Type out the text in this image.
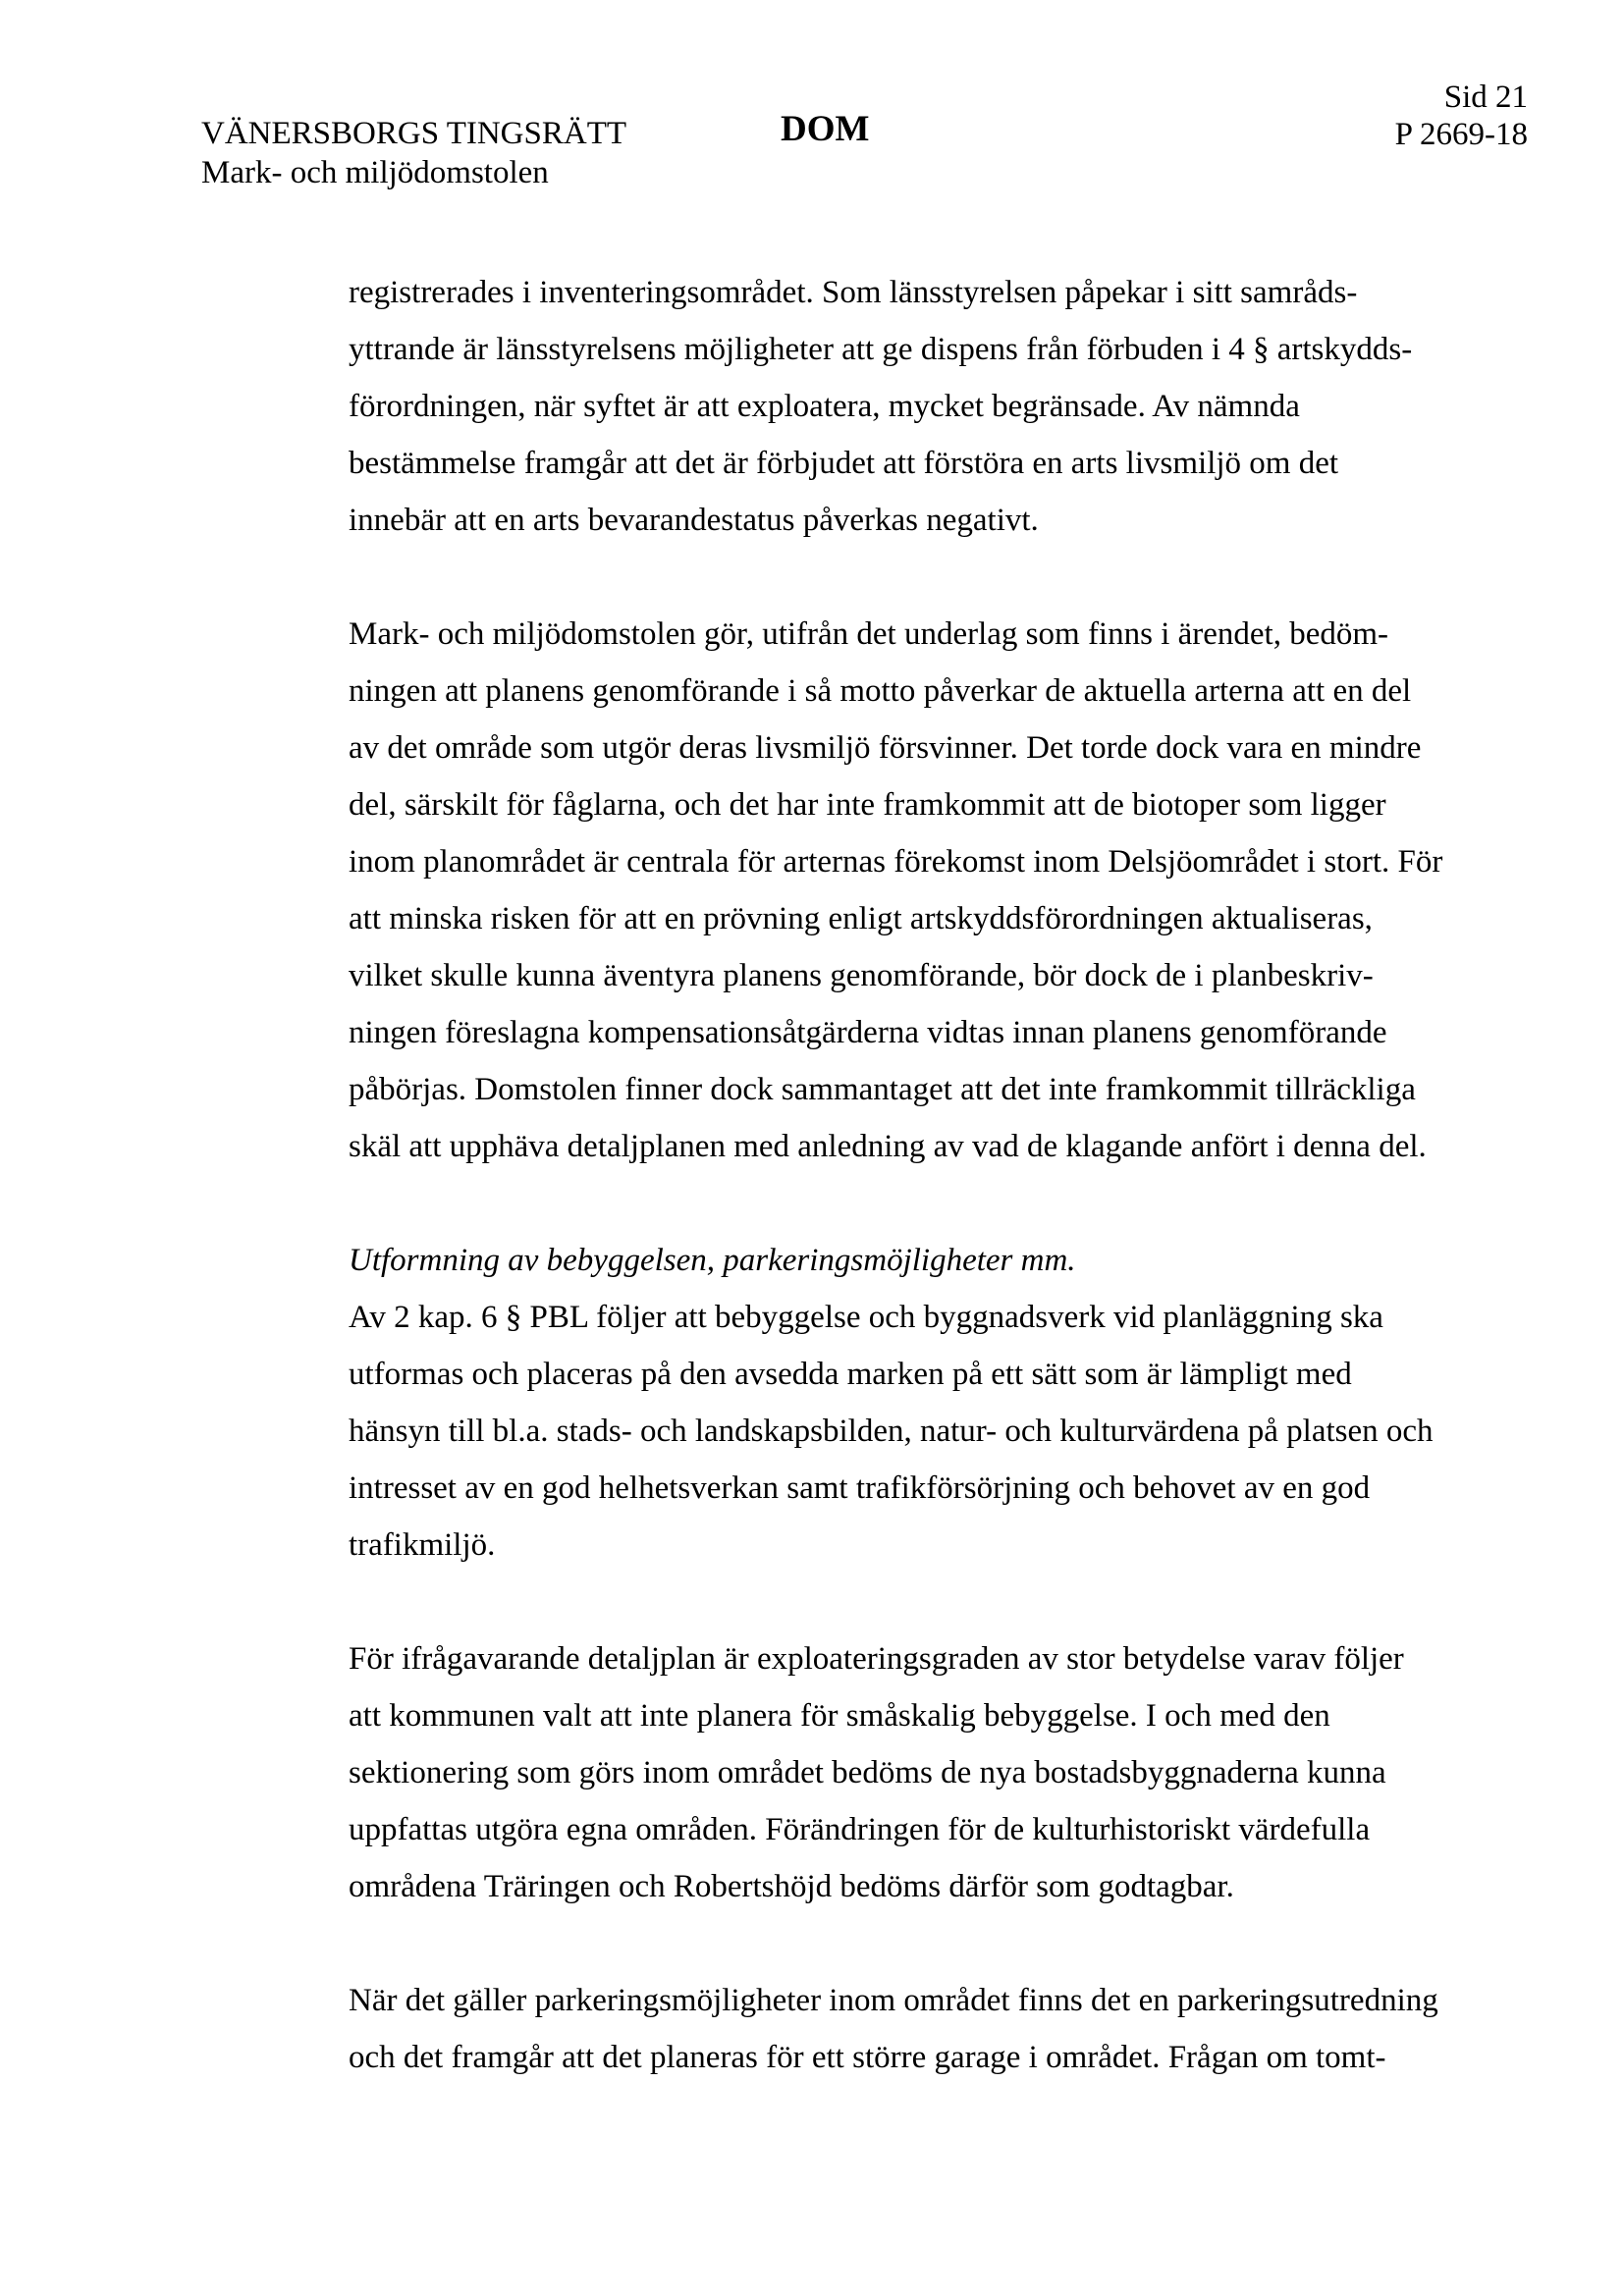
VÄNERSBORGS TINGSRÄTT
Mark- och miljödomstolen
DOM
Sid 21
P 2669-18
registrerades i inventeringsområdet. Som länsstyrelsen påpekar i sitt samråds-
yttrande är länsstyrelsens möjligheter att ge dispens från förbuden i 4 § artskydds-
förordningen, när syftet är att exploatera, mycket begränsade. Av nämnda
bestämmelse framgår att det är förbjudet att förstöra en arts livsmiljö om det
innebär att en arts bevarandestatus påverkas negativt.
Mark- och miljödomstolen gör, utifrån det underlag som finns i ärendet, bedöm-
ningen att planens genomförande i så motto påverkar de aktuella arterna att en del
av det område som utgör deras livsmiljö försvinner. Det torde dock vara en mindre
del, särskilt för fåglarna, och det har inte framkommit att de biotoper som ligger
inom planområdet är centrala för arternas förekomst inom Delsjöområdet i stort. För
att minska risken för att en prövning enligt artskyddsförordningen aktualiseras,
vilket skulle kunna äventyra planens genomförande, bör dock de i planbeskriv-
ningen föreslagna kompensationsåtgärderna vidtas innan planens genomförande
påbörjas. Domstolen finner dock sammantaget att det inte framkommit tillräckliga
skäl att upphäva detaljplanen med anledning av vad de klagande anfört i denna del.
Utformning av bebyggelsen, parkeringsmöjligheter mm.
Av 2 kap. 6 § PBL följer att bebyggelse och byggnadsverk vid planläggning ska
utformas och placeras på den avsedda marken på ett sätt som är lämpligt med
hänsyn till bl.a. stads- och landskapsbilden, natur- och kulturvärdena på platsen och
intresset av en god helhetsverkan samt trafikförsörjning och behovet av en god
trafikmiljö.
För ifrågavarande detaljplan är exploateringsgraden av stor betydelse varav följer
att kommunen valt att inte planera för småskalig bebyggelse. I och med den
sektionering som görs inom området bedöms de nya bostadsbyggnaderna kunna
uppfattas utgöra egna områden. Förändringen för de kulturhistoriskt värdefulla
områdena Träringen och Robertshöjd bedöms därför som godtagbar.
När det gäller parkeringsmöjligheter inom området finns det en parkeringsutredning
och det framgår att det planeras för ett större garage i området. Frågan om tomt-
